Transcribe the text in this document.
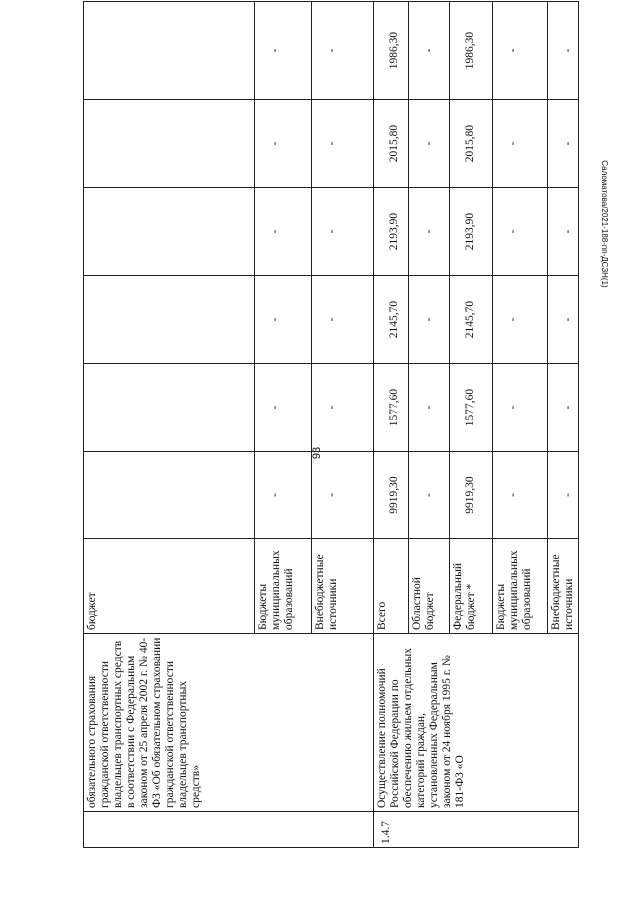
93
Саломатова/2021-188-пп-ДСЗН(1)
	обязательного страхования гражданской ответственности владельцев транспортных средств в соответствии с Федеральным законом от 25 апреля 2002 г. № 40-ФЗ «Об обязательном страховании гражданской ответственности владельцев транспортных средств»	бюджет						
		Бюджеты муниципальных образований	-	-	-	-	-	-
		Внебюджетные источники	-	-	-	-	-	-
1.4.7	Осуществление полномочий Российской Федерации по обеспечению жильем отдельных категорий граждан, установленных Федеральным законом от 24 ноября 1995 г. № 181-ФЗ «О	Всего	9919,30	1577,60	2145,70	2193,90	2015,80	1986,30
		Областной бюджет	-	-	-	-	-	-
		Федеральный бюджет *	9919,30	1577,60	2145,70	2193,90	2015,80	1986,30
		Бюджеты муниципальных образований	-	-	-	-	-	-
		Внебюджетные источники	-	-	-	-	-	-
